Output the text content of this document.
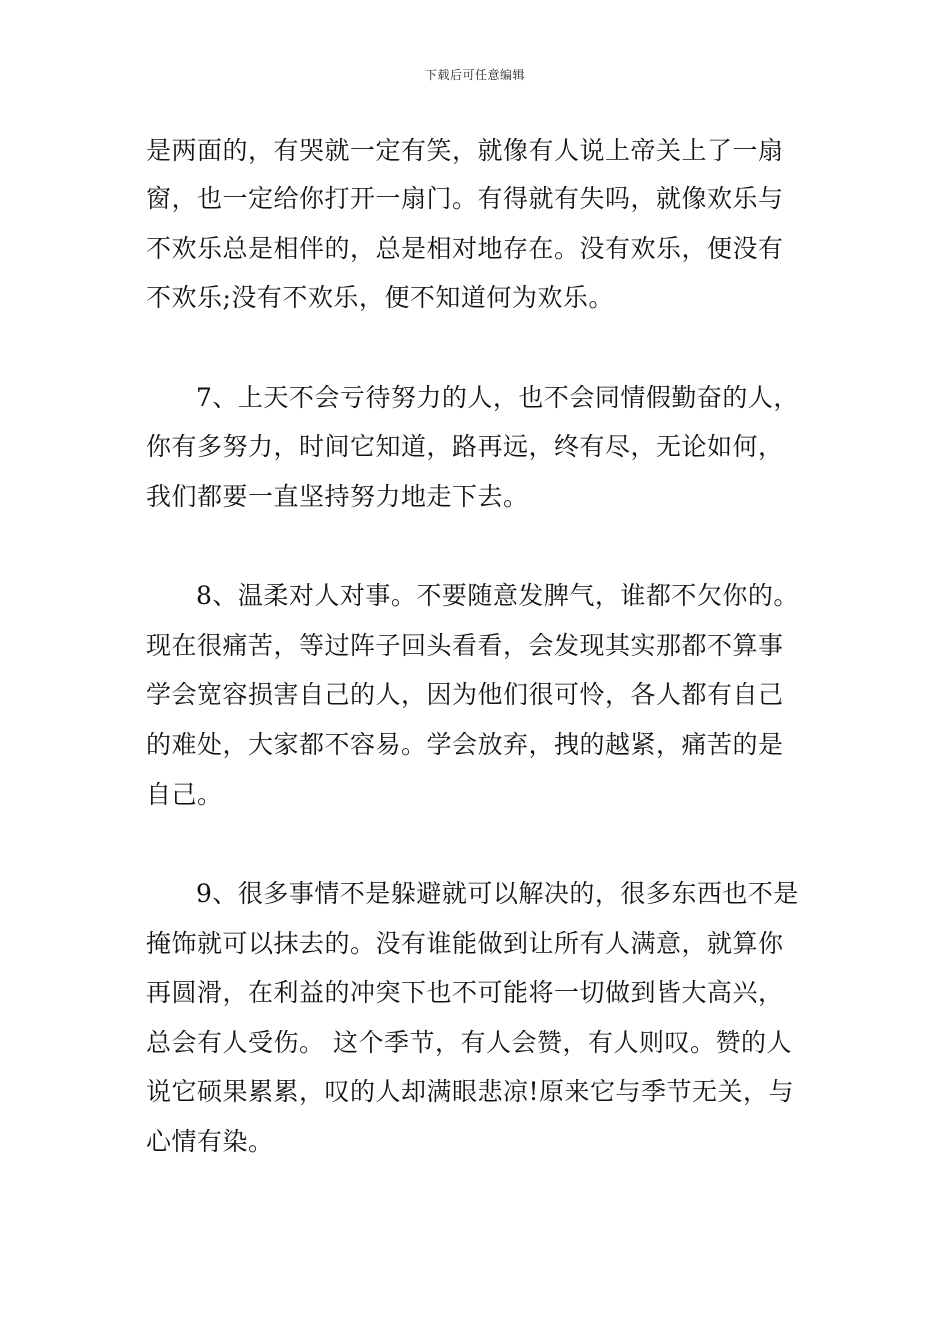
下载后可任意编辑
是两面的，有哭就一定有笑，就像有人说上帝关上了一扇
窗，也一定给你打开一扇门。有得就有失吗，就像欢乐与
不欢乐总是相伴的，总是相对地存在。没有欢乐，便没有
不欢乐;没有不欢乐，便不知道何为欢乐。
7、上天不会亏待努力的人，也不会同情假勤奋的人，
你有多努力，时间它知道，路再远，终有尽，无论如何，
我们都要一直坚持努力地走下去。
8、温柔对人对事。不要随意发脾气，谁都不欠你的。
现在很痛苦，等过阵子回头看看，会发现其实那都不算事
学会宽容损害自己的人，因为他们很可怜，各人都有自己
的难处，大家都不容易。学会放弃，拽的越紧，痛苦的是
自己。
9、很多事情不是躲避就可以解决的，很多东西也不是
掩饰就可以抹去的。没有谁能做到让所有人满意，就算你
再圆滑，在利益的冲突下也不可能将一切做到皆大高兴，
总会有人受伤。 这个季节，有人会赞，有人则叹。赞的人
说它硕果累累，叹的人却满眼悲凉!原来它与季节无关，与
心情有染。
